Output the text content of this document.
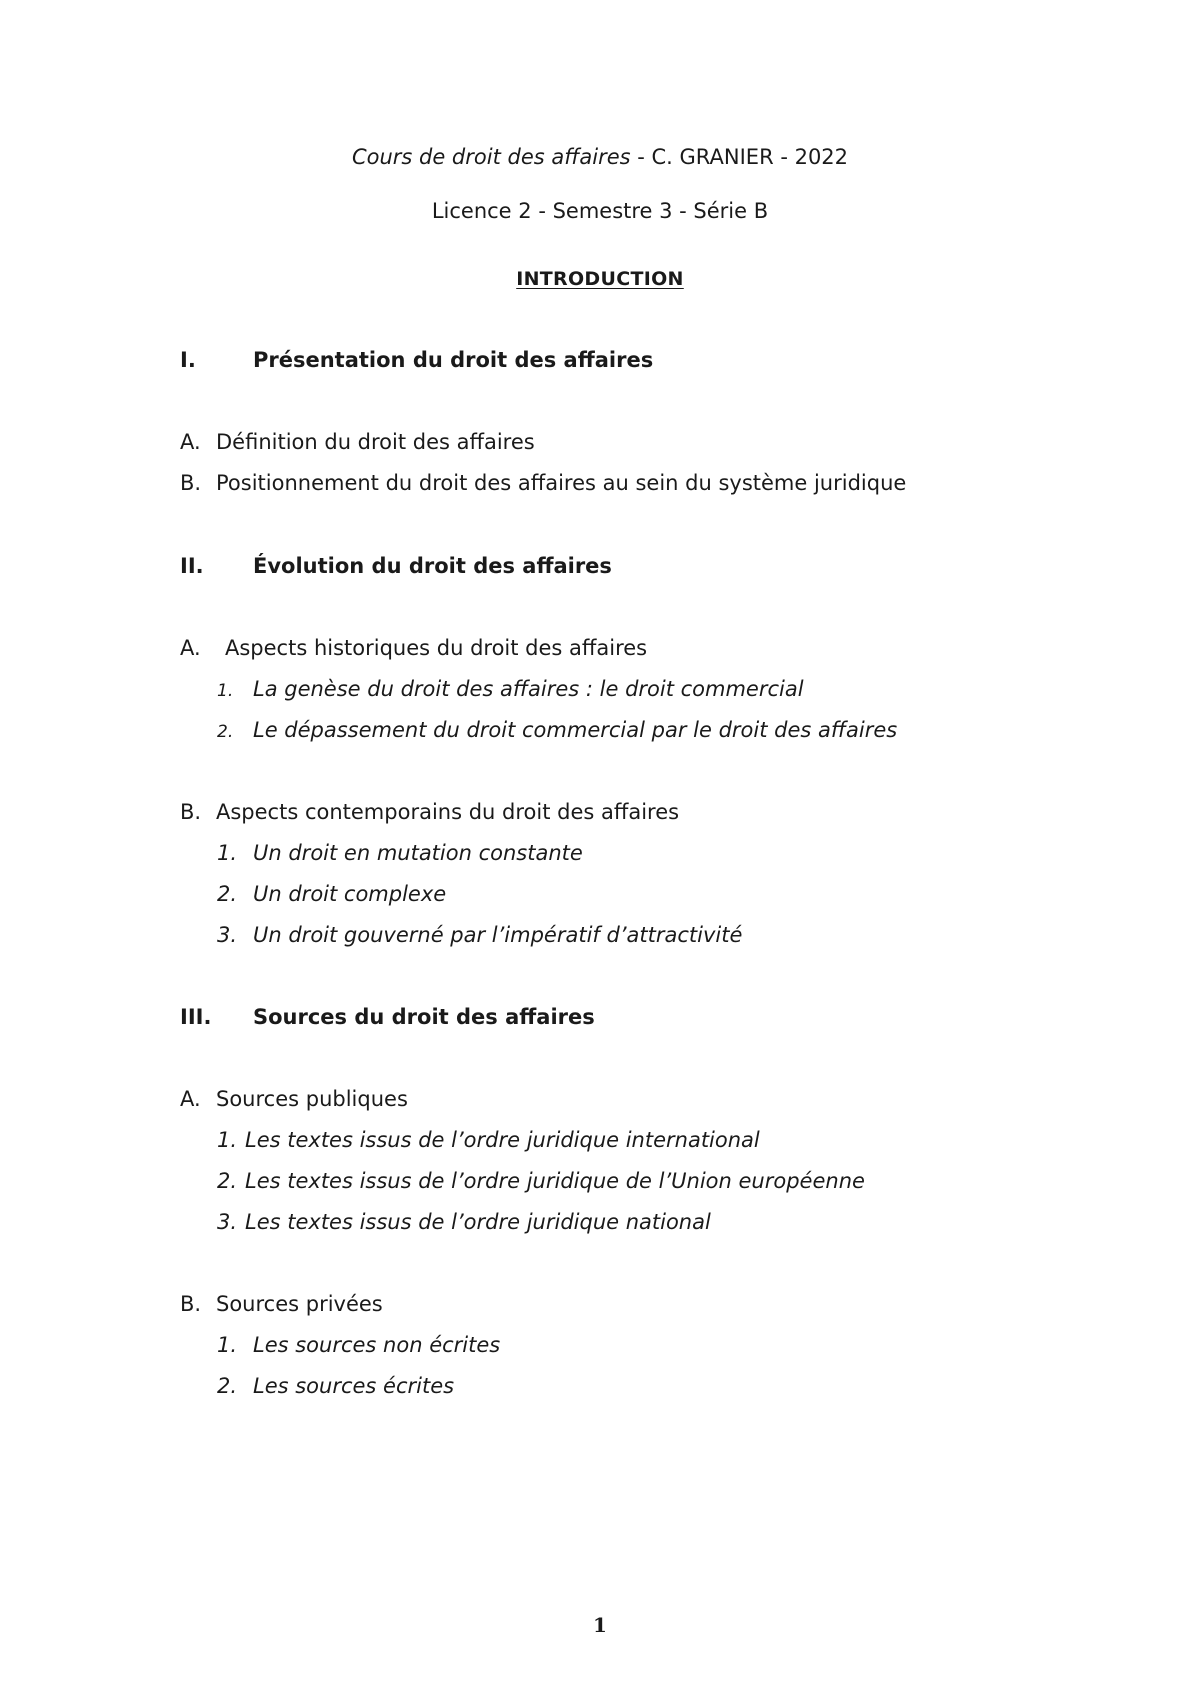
Cours de droit des affaires - C. GRANIER - 2022
Licence 2 - Semestre 3 - Série B
INTRODUCTION
I.	Présentation du droit des affaires
A. Définition du droit des affaires
B. Positionnement du droit des affaires au sein du système juridique
II. Évolution du droit des affaires
A. Aspects historiques du droit des affaires
1. La genèse du droit des affaires : le droit commercial
2. Le dépassement du droit commercial par le droit des affaires
B. Aspects contemporains du droit des affaires
1. Un droit en mutation constante
2. Un droit complexe
3. Un droit gouverné par l’impératif d’attractivité
III. Sources du droit des affaires
A. Sources publiques
1. Les textes issus de l’ordre juridique international
2. Les textes issus de l’ordre juridique de l’Union européenne
3. Les textes issus de l’ordre juridique national
B. Sources privées
1. Les sources non écrites
2. Les sources écrites
1
